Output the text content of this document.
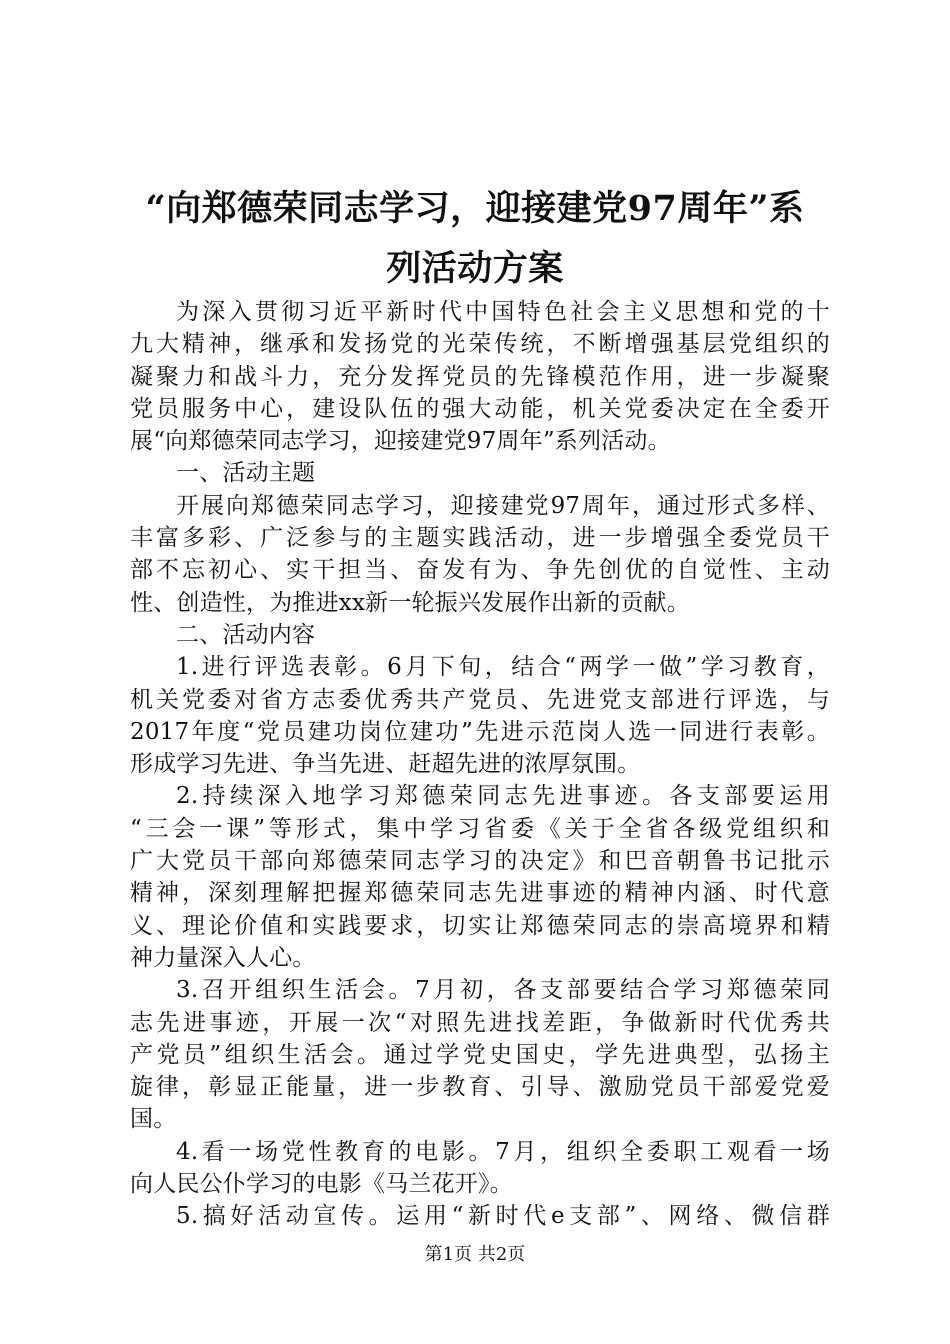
“向郑德荣同志学习，迎接建党97周年”系
列活动方案
为深入贯彻习近平新时代中国特色社会主义思想和党的十
九大精神，继承和发扬党的光荣传统，不断增强基层党组织的
凝聚力和战斗力，充分发挥党员的先锋模范作用，进一步凝聚
党员服务中心，建设队伍的强大动能，机关党委决定在全委开
展“向郑德荣同志学习，迎接建党97周年”系列活动。
一、活动主题
开展向郑德荣同志学习，迎接建党97周年，通过形式多样、
丰富多彩、广泛参与的主题实践活动，进一步增强全委党员干
部不忘初心、实干担当、奋发有为、争先创优的自觉性、主动
性、创造性，为推进xx新一轮振兴发展作出新的贡献。
二、活动内容
1.进行评选表彰。6月下旬，结合“两学一做”学习教育，
机关党委对省方志委优秀共产党员、先进党支部进行评选，与
2017年度“党员建功岗位建功”先进示范岗人选一同进行表彰。
形成学习先进、争当先进、赶超先进的浓厚氛围。
2.持续深入地学习郑德荣同志先进事迹。各支部要运用
“三会一课”等形式，集中学习省委《关于全省各级党组织和
广大党员干部向郑德荣同志学习的决定》和巴音朝鲁书记批示
精神，深刻理解把握郑德荣同志先进事迹的精神内涵、时代意
义、理论价值和实践要求，切实让郑德荣同志的崇高境界和精
神力量深入人心。
3.召开组织生活会。7月初，各支部要结合学习郑德荣同
志先进事迹，开展一次“对照先进找差距，争做新时代优秀共
产党员”组织生活会。通过学党史国史，学先进典型，弘扬主
旋律，彰显正能量，进一步教育、引导、激励党员干部爱党爱
国。
4.看一场党性教育的电影。7月，组织全委职工观看一场
向人民公仆学习的电影《马兰花开》。
5.搞好活动宣传。运用“新时代e支部”、网络、微信群
第1页 共2页
